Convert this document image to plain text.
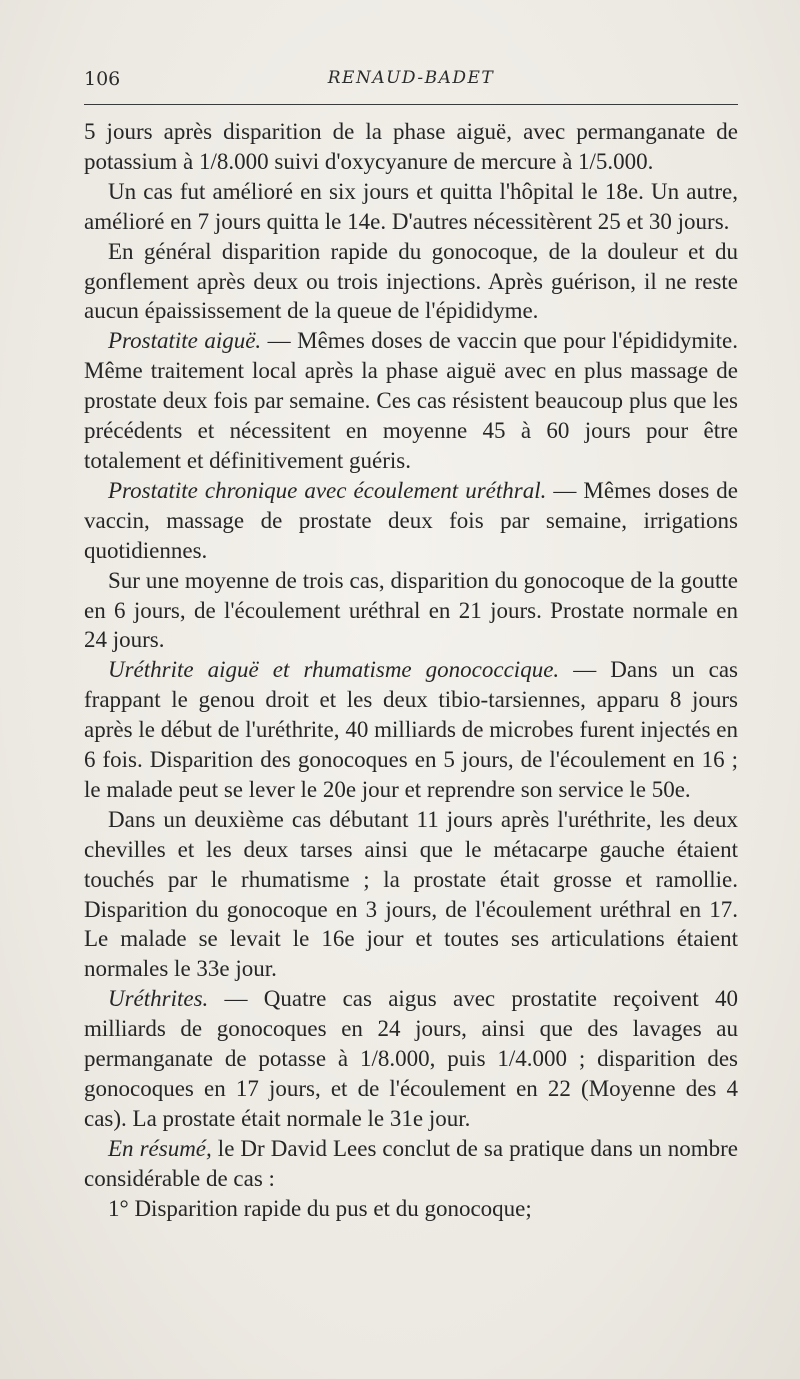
106	RENAUD-BADET

5 jours après disparition de la phase aiguë, avec permanganate de potassium à 1/8.000 suivi d'oxycyanure de mercure à 1/5.000.

Un cas fut amélioré en six jours et quitta l'hôpital le 18e. Un autre, amélioré en 7 jours quitta le 14e. D'autres nécessitèrent 25 et 30 jours.

En général disparition rapide du gonocoque, de la douleur et du gonflement après deux ou trois injections. Après guérison, il ne reste aucun épaississement de la queue de l'épididyme.

Prostatite aiguë. — Mêmes doses de vaccin que pour l'épididymite. Même traitement local après la phase aiguë avec en plus massage de prostate deux fois par semaine. Ces cas résistent beaucoup plus que les précédents et nécessitent en moyenne 45 à 60 jours pour être totalement et définitivement guéris.

Prostatite chronique avec écoulement uréthral. — Mêmes doses de vaccin, massage de prostate deux fois par semaine, irrigations quotidiennes.

Sur une moyenne de trois cas, disparition du gonocoque de la goutte en 6 jours, de l'écoulement uréthral en 21 jours. Prostate normale en 24 jours.

Uréthrite aiguë et rhumatisme gonococcique. — Dans un cas frappant le genou droit et les deux tibio-tarsiennes, apparu 8 jours après le début de l'uréthrite, 40 milliards de microbes furent injectés en 6 fois. Disparition des gonocoques en 5 jours, de l'écoulement en 16 ; le malade peut se lever le 20e jour et reprendre son service le 50e.

Dans un deuxième cas débutant 11 jours après l'uréthrite, les deux chevilles et les deux tarses ainsi que le métacarpe gauche étaient touchés par le rhumatisme ; la prostate était grosse et ramollie. Disparition du gonocoque en 3 jours, de l'écoulement uréthral en 17. Le malade se levait le 16e jour et toutes ses articulations étaient normales le 33e jour.

Uréthrites. — Quatre cas aigus avec prostatite reçoivent 40 milliards de gonocoques en 24 jours, ainsi que des lavages au permanganate de potasse à 1/8.000, puis 1/4.000 ; disparition des gonocoques en 17 jours, et de l'écoulement en 22 (Moyenne des 4 cas). La prostate était normale le 31e jour.

En résumé, le Dr David Lees conclut de sa pratique dans un nombre considérable de cas :

1° Disparition rapide du pus et du gonocoque;
